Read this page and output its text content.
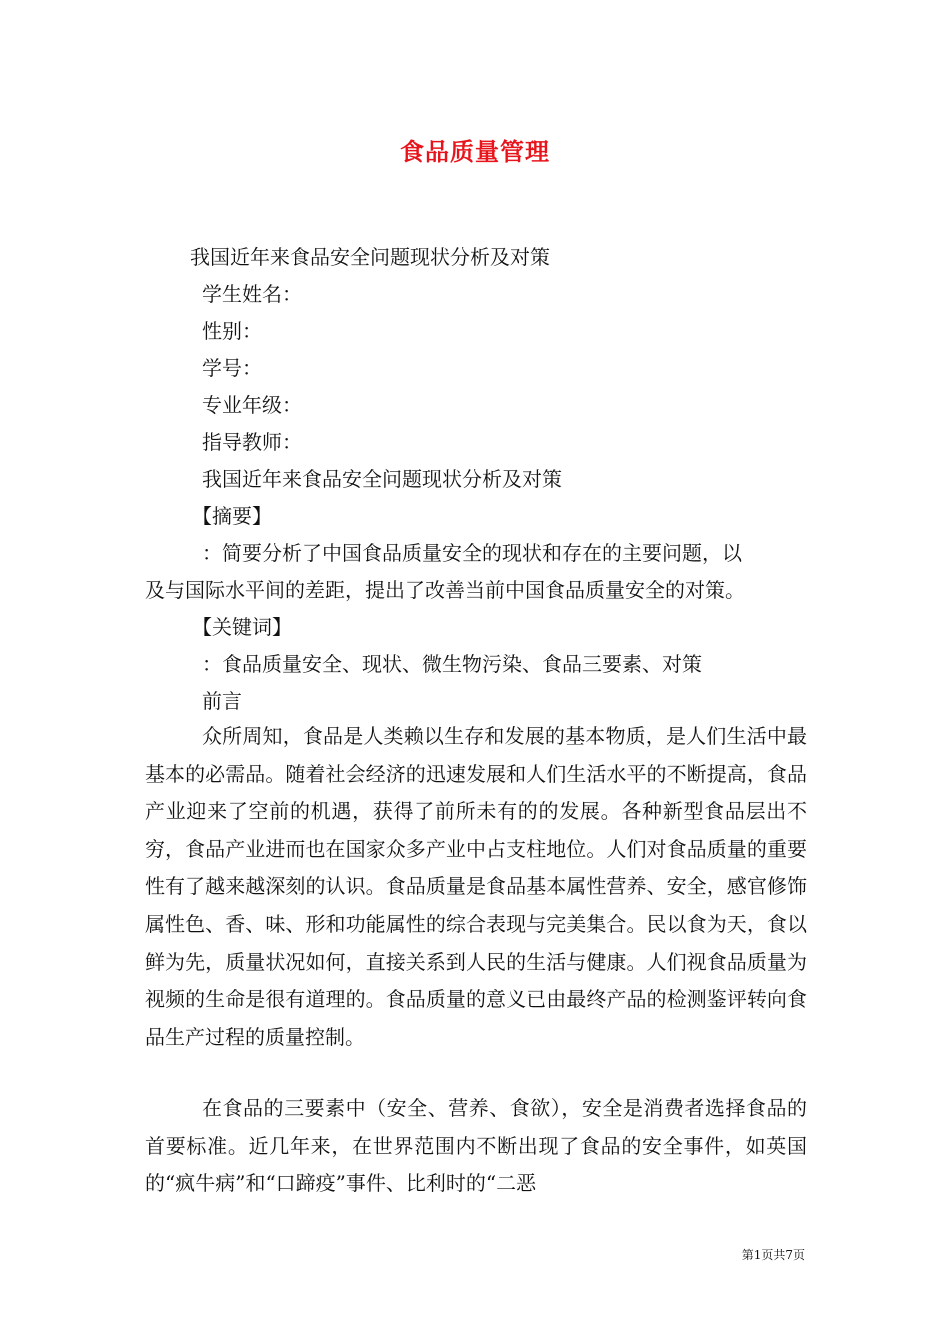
食品质量管理
我国近年来食品安全问题现状分析及对策
学生姓名：
性别：
学号：
专业年级：
指导教师：
我国近年来食品安全问题现状分析及对策
【摘要】
：简要分析了中国食品质量安全的现状和存在的主要问题，以
及与国际水平间的差距，提出了改善当前中国食品质量安全的对策。
【关键词】
：食品质量安全、现状、微生物污染、食品三要素、对策
前言
众所周知，食品是人类赖以生存和发展的基本物质，是人们生活中最基本的必需品。随着社会经济的迅速发展和人们生活水平的不断提高，食品产业迎来了空前的机遇，获得了前所未有的的发展。各种新型食品层出不穷，食品产业进而也在国家众多产业中占支柱地位。人们对食品质量的重要性有了越来越深刻的认识。食品质量是食品基本属性营养、安全，感官修饰属性色、香、味、形和功能属性的综合表现与完美集合。民以食为天，食以鲜为先，质量状况如何，直接关系到人民的生活与健康。人们视食品质量为视频的生命是很有道理的。食品质量的意义已由最终产品的检测鉴评转向食品生产过程的质量控制。
在食品的三要素中（安全、营养、食欲），安全是消费者选择食品的首要标准。近几年来，在世界范围内不断出现了食品的安全事件，如英国的“疯牛病”和“口蹄疫”事件、比利时的“二恶
第1页共7页
